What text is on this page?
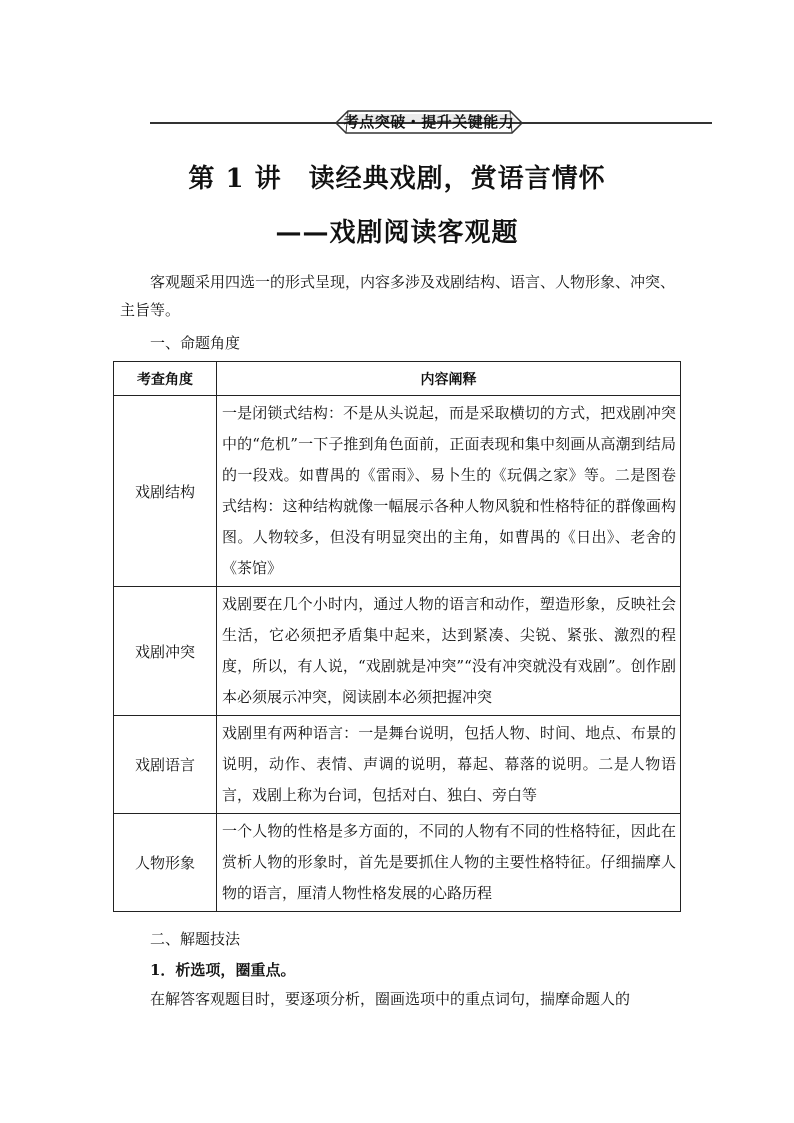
考点突破・提升关键能力
第 1 讲　读经典戏剧，赏语言情怀
——戏剧阅读客观题
客观题采用四选一的形式呈现，内容多涉及戏剧结构、语言、人物形象、冲突、主旨等。
一、命题角度
考查角度	内容阐释
戏剧结构	一是闭锁式结构：不是从头说起，而是采取横切的方式，把戏剧冲突中的“危机”一下子推到角色面前，正面表现和集中刻画从高潮到结局的一段戏。如曹禺的《雷雨》、易卜生的《玩偶之家》等。二是图卷式结构：这种结构就像一幅展示各种人物风貌和性格特征的群像画构图。人物较多，但没有明显突出的主角，如曹禺的《日出》、老舍的《茶馆》
戏剧冲突	戏剧要在几个小时内，通过人物的语言和动作，塑造形象，反映社会生活，它必须把矛盾集中起来，达到紧凑、尖锐、紧张、激烈的程度，所以，有人说，“戏剧就是冲突”“没有冲突就没有戏剧”。创作剧本必须展示冲突，阅读剧本必须把握冲突
戏剧语言	戏剧里有两种语言：一是舞台说明，包括人物、时间、地点、布景的说明，动作、表情、声调的说明，幕起、幕落的说明。二是人物语言，戏剧上称为台词，包括对白、独白、旁白等
人物形象	一个人物的性格是多方面的，不同的人物有不同的性格特征，因此在赏析人物的形象时，首先是要抓住人物的主要性格特征。仔细揣摩人物的语言，厘清人物性格发展的心路历程
二、解题技法
1．析选项，圈重点。
在解答客观题目时，要逐项分析，圈画选项中的重点词句，揣摩命题人的
